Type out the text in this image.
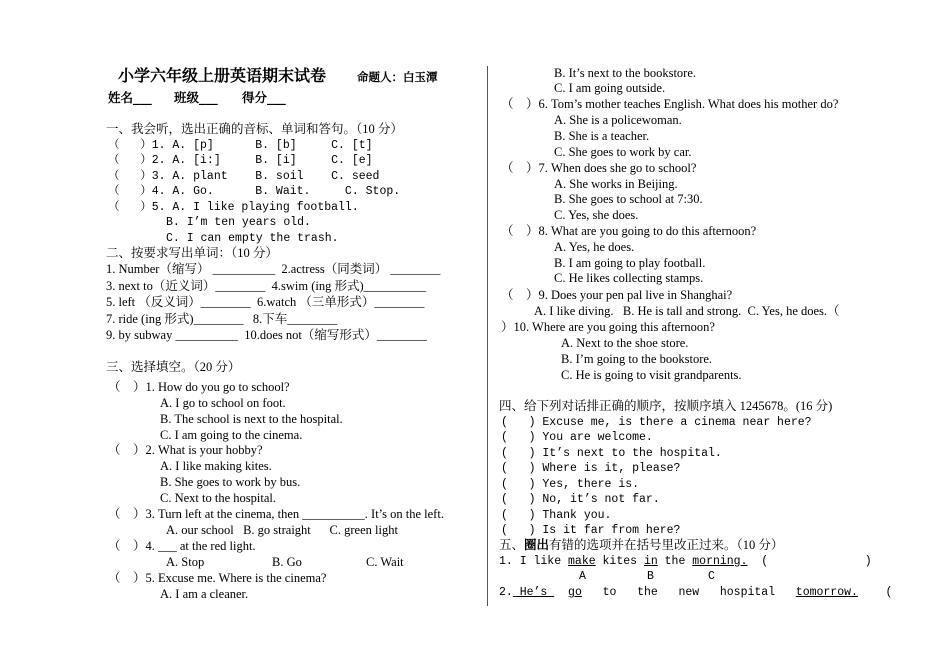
小学六年级上册英语期末试卷	命题人：白玉潭
姓名___ 班级___ 得分___
一、我会听，选出正确的音标、单词和答句。（10 分）
（   ）1. A. [p]      B. [b]     C. [t]
（   ）2. A. [i:]     B. [i]     C. [e]
（   ）3. A. plant    B. soil    C. seed
（   ）4. A. Go.      B. Wait.     C. Stop.
（   ）5. A. I like playing football.
B. I’m ten years old.
C. I can empty the trash.
二、按要求写出单词：（10 分）
1. Number（缩写） __________  2.actress（同类词） ________
3. next to（近义词）________  4.swim (ing 形式)__________
5. left （反义词）________  6.watch （三单形式）________
7. ride (ing 形式)________   8.下车________
9. by subway __________  10.does not（缩写形式）________
三、选择填空。（20 分）
（    ）1. How do you go to school?
A. I go to school on foot.
B. The school is next to the hospital.
C. I am going to the cinema.
（    ）2. What is your hobby?
A. I like making kites.
B. She goes to work by bus.
C. Next to the hospital.
（    ）3. Turn left at the cinema, then __________. It’s on the left.
A. our school   B. go straight      C. green light
（    ）4. ___ at the red light.
A. Stop	B. Go	C. Wait
（    ）5. Excuse me. Where is the cinema?
A. I am a cleaner.
B. It’s next to the bookstore.
C. I am going outside.
（    ）6. Tom’s mother teaches English. What does his mother do?
A. She is a policewoman.
B. She is a teacher.
C. She goes to work by car.
（    ）7. When does she go to school?
A. She works in Beijing.
B. She goes to school at 7:30.
C. Yes, she does.
（    ）8. What are you going to do this afternoon?
A. Yes, he does.
B. I am going to play football.
C. He likes collecting stamps.
（    ）9. Does your pen pal live in Shanghai?
A. I like diving.   B. He is tall and strong.  C. Yes, he does.（
）10. Where are you going this afternoon?
A. Next to the shoe store.
B. I’m going to the bookstore.
C. He is going to visit grandparents.
四、给下列对话排正确的顺序，按顺序填入 1245678。(16 分)
(   ) Excuse me, is there a cinema near here?
(   ) You are welcome.
(   ) It’s next to the hospital.
(   ) Where is it, please?
(   ) Yes, there is.
(   ) No, it’s not far.
(   ) Thank you.
(   ) Is it far from here?
五、圈出有错的选项并在括号里改正过来。（10 分）
1. I like make kites in the morning.  (              )
A	B	C
2. He’s   go   to   the   new   hospital   tomorrow.    (
